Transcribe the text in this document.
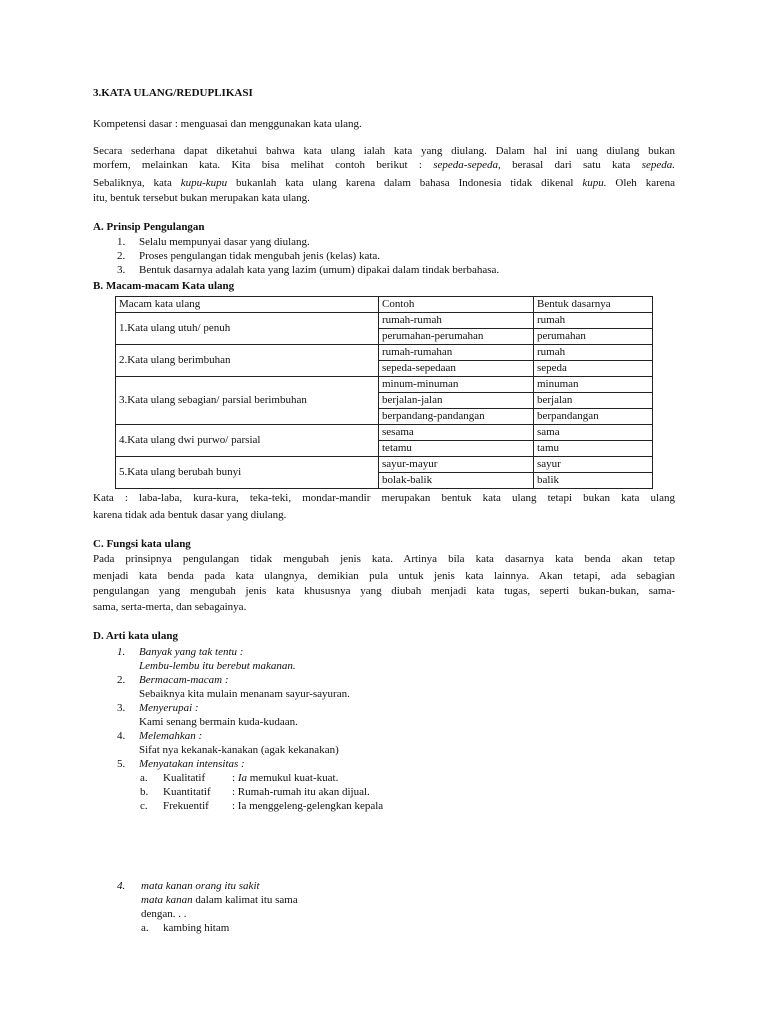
3.KATA ULANG/REDUPLIKASI
Kompetensi dasar : menguasai dan menggunakan kata ulang.
Secara sederhana dapat diketahui bahwa kata ulang ialah kata yang diulang. Dalam hal ini uang diulang bukan
morfem, melainkan kata. Kita bisa melihat contoh berikut : sepeda-sepeda, berasal dari satu kata sepeda.
Sebaliknya, kata kupu-kupu bukanlah kata ulang karena dalam bahasa Indonesia tidak dikenal kupu. Oleh karena
itu, bentuk tersebut bukan merupakan kata ulang.
A. Prinsip Pengulangan
1. Selalu mempunyai dasar yang diulang.
2. Proses pengulangan tidak mengubah jenis (kelas) kata.
3. Bentuk dasarnya adalah kata yang lazim (umum) dipakai dalam tindak berbahasa.
B. Macam-macam Kata ulang
Macam kata ulang	Contoh	Bentuk dasarnya
1.Kata ulang utuh/ penuh	rumah-rumah	rumah
	perumahan-perumahan	perumahan
2.Kata ulang berimbuhan	rumah-rumahan	rumah
	sepeda-sepedaan	sepeda
3.Kata ulang sebagian/ parsial berimbuhan	minum-minuman	minuman
	berjalan-jalan	berjalan
	berpandang-pandangan	berpandangan
4.Kata ulang dwi purwo/ parsial	sesama	sama
	tetamu	tamu
5.Kata ulang berubah bunyi	sayur-mayur	sayur
	bolak-balik	balik
Kata : laba-laba, kura-kura, teka-teki, mondar-mandir merupakan bentuk kata ulang tetapi bukan kata ulang
karena tidak ada bentuk dasar yang diulang.
C. Fungsi kata ulang
Pada prinsipnya pengulangan tidak mengubah jenis kata. Artinya bila kata dasarnya kata benda akan tetap
menjadi kata benda pada kata ulangnya, demikian pula untuk jenis kata lainnya. Akan tetapi, ada sebagian
pengulangan yang mengubah jenis kata khususnya yang diubah menjadi kata tugas, seperti bukan-bukan, sama-
sama, serta-merta, dan sebagainya.
D. Arti kata ulang
1. Banyak yang tak tentu :
Lembu-lembu itu berebut makanan.
2. Bermacam-macam :
Sebaiknya kita mulain menanam sayur-sayuran.
3. Menyerupai :
Kami senang bermain kuda-kudaan.
4. Melemahkan :
Sifat nya kekanak-kanakan (agak kekanakan)
5. Menyatakan intensitas :
a. Kualitatif : Ia memukul kuat-kuat.
b. Kuantitatif : Rumah-rumah itu akan dijual.
c. Frekuentif : Ia menggeleng-gelengkan kepala
4. mata kanan orang itu sakit
mata kanan dalam kalimat itu sama
dengan. . .
a. kambing hitam
